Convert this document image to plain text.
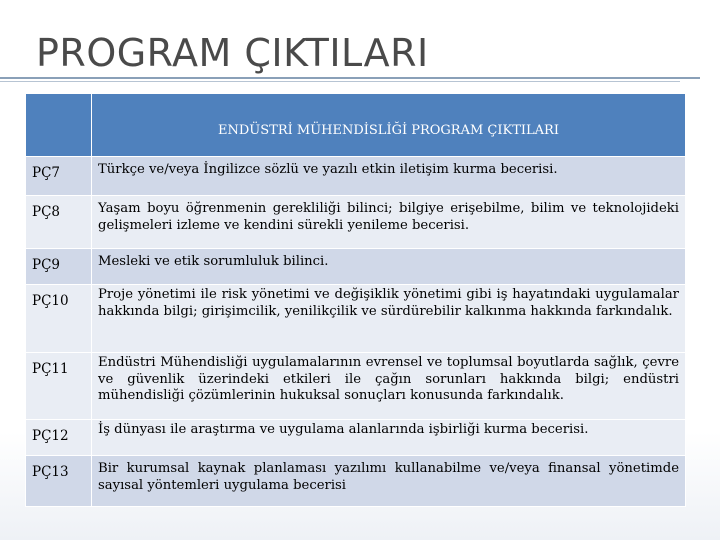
PROGRAM ÇIKTILARI

	ENDÜSTRİ MÜHENDİSLİĞİ PROGRAM ÇIKTILARI

PÇ7	Türkçe ve/veya İngilizce sözlü ve yazılı etkin iletişim kurma becerisi.
PÇ8	Yaşam boyu öğrenmenin gerekliliği bilinci; bilgiye erişebilme, bilim ve teknolojideki gelişmeleri izleme ve kendini sürekli yenileme becerisi.
PÇ9	Mesleki ve etik sorumluluk bilinci.
PÇ10	Proje yönetimi ile risk yönetimi ve değişiklik yönetimi gibi iş hayatındaki uygulamalar hakkında bilgi; girişimcilik, yenilikçilik ve sürdürebilir kalkınma hakkında farkındalık.
PÇ11	Endüstri Mühendisliği uygulamalarının evrensel ve toplumsal boyutlarda sağlık, çevre ve güvenlik üzerindeki etkileri ile çağın sorunları hakkında bilgi; endüstri mühendisliği çözümlerinin hukuksal sonuçları konusunda farkındalık.
PÇ12	İş dünyası ile araştırma ve uygulama alanlarında işbirliği kurma becerisi.
PÇ13	Bir kurumsal kaynak planlaması yazılımı kullanabilme ve/veya finansal yönetimde sayısal yöntemleri uygulama becerisi
